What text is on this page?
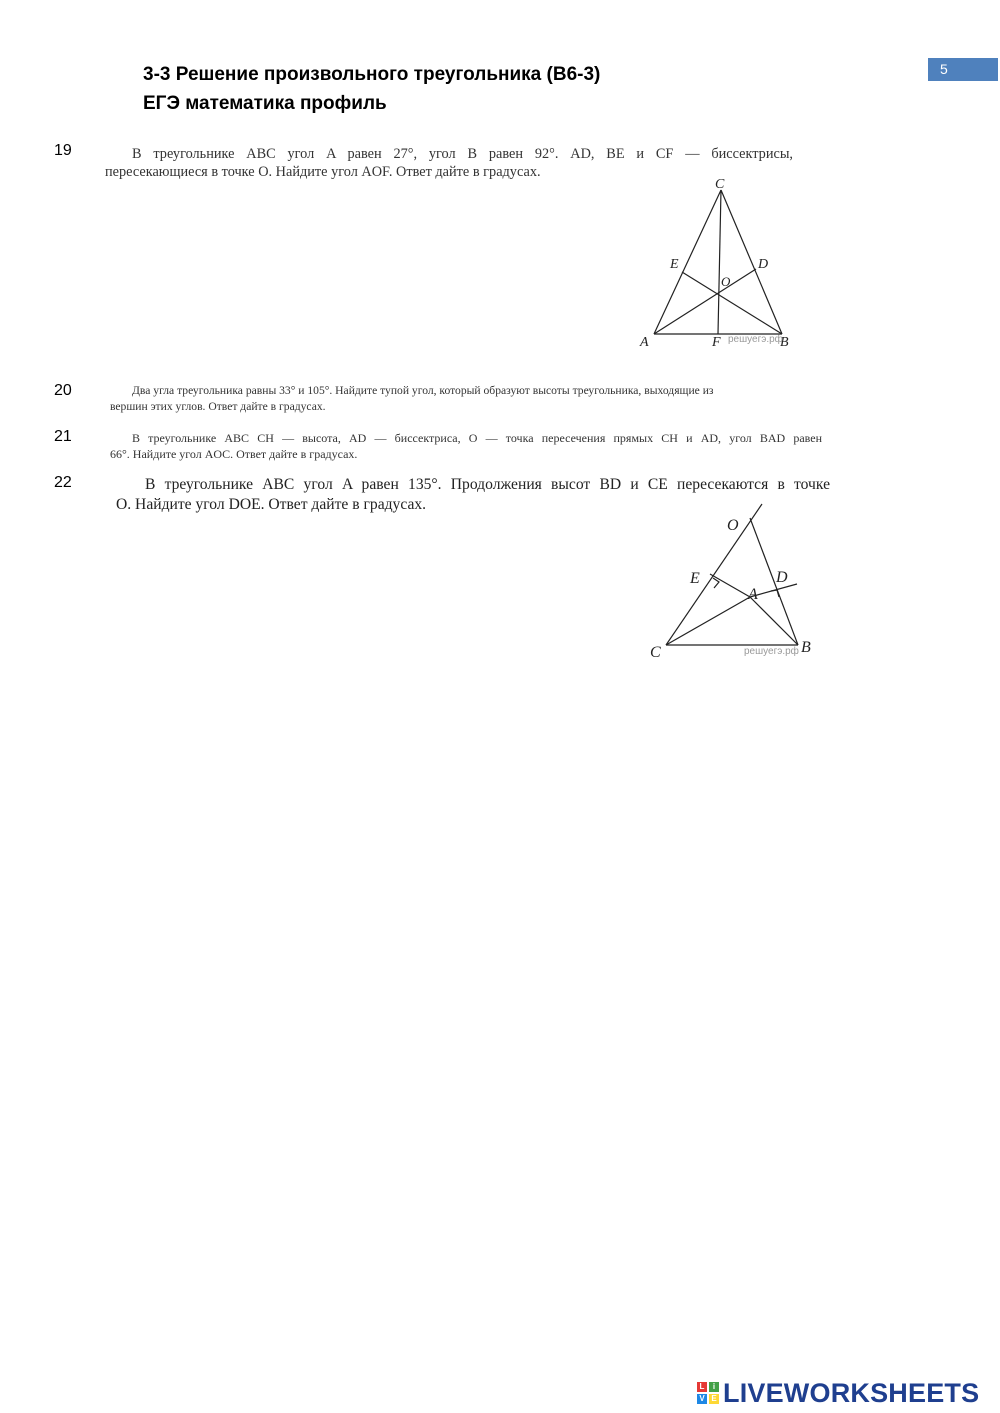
3-3 Решение произвольного треугольника (В6-3)
ЕГЭ математика профиль
5
19	В треугольнике ABC угол A равен 27°, угол B равен 92°. AD, BE и CF — биссектрисы,
пересекающиеся в точке O. Найдите угол AOF. Ответ дайте в градусах.
C
E	D
O
A	F	B
решуегэ.рф
20	Два угла треугольника равны 33° и 105°. Найдите тупой угол, который образуют высоты треугольника, выходящие из
вершин этих углов. Ответ дайте в градусах.
21	В треугольнике ABC CH — высота, AD — биссектриса, O — точка пересечения прямых CH и AD, угол BAD равен
66°. Найдите угол AOC. Ответ дайте в градусах.
22	В треугольнике ABC угол A равен 135°. Продолжения высот BD и CE пересекаются в точке
O. Найдите угол DOE. Ответ дайте в градусах.
O
E	D
A
C	B
решуегэ.рф
L	i
V E LIVEWORKSHEETS
